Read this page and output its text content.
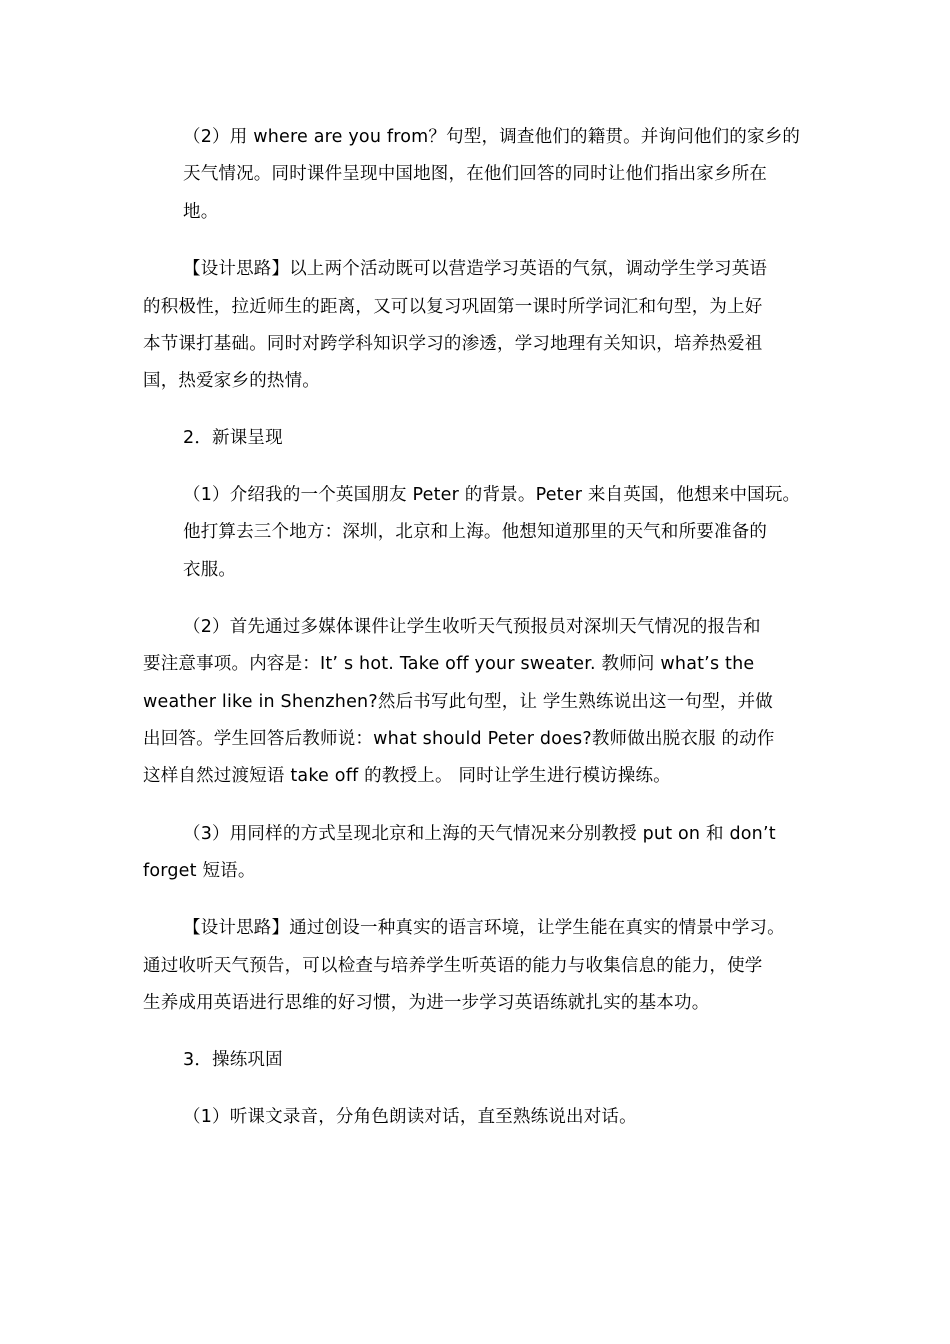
（2）用 where are you from？句型，调查他们的籍贯。并询问他们的家乡的
天气情况。同时课件呈现中国地图，在他们回答的同时让他们指出家乡所在
地。
【设计思路】以上两个活动既可以营造学习英语的气氛，调动学生学习英语
的积极性，拉近师生的距离，又可以复习巩固第一课时所学词汇和句型，为上好
本节课打基础。同时对跨学科知识学习的渗透，学习地理有关知识，培养热爱祖
国，热爱家乡的热情。
2．新课呈现
（1）介绍我的一个英国朋友 Peter 的背景。Peter 来自英国，他想来中国玩。
他打算去三个地方：深圳，北京和上海。他想知道那里的天气和所要准备的
衣服。
（2）首先通过多媒体课件让学生收听天气预报员对深圳天气情况的报告和
要注意事项。内容是：It’ s hot. Take off your sweater. 教师问 what’s the
weather like in Shenzhen?然后书写此句型，让 学生熟练说出这一句型，并做
出回答。学生回答后教师说：what should Peter does?教师做出脱衣服 的动作
这样自然过渡短语 take off 的教授上。 同时让学生进行模访操练。
（3）用同样的方式呈现北京和上海的天气情况来分别教授 put on 和 don’t
forget 短语。
【设计思路】通过创设一种真实的语言环境，让学生能在真实的情景中学习。
通过收听天气预告，可以检查与培养学生听英语的能力与收集信息的能力，使学
生养成用英语进行思维的好习惯，为进一步学习英语练就扎实的基本功。
3．操练巩固
（1）听课文录音，分角色朗读对话，直至熟练说出对话。
